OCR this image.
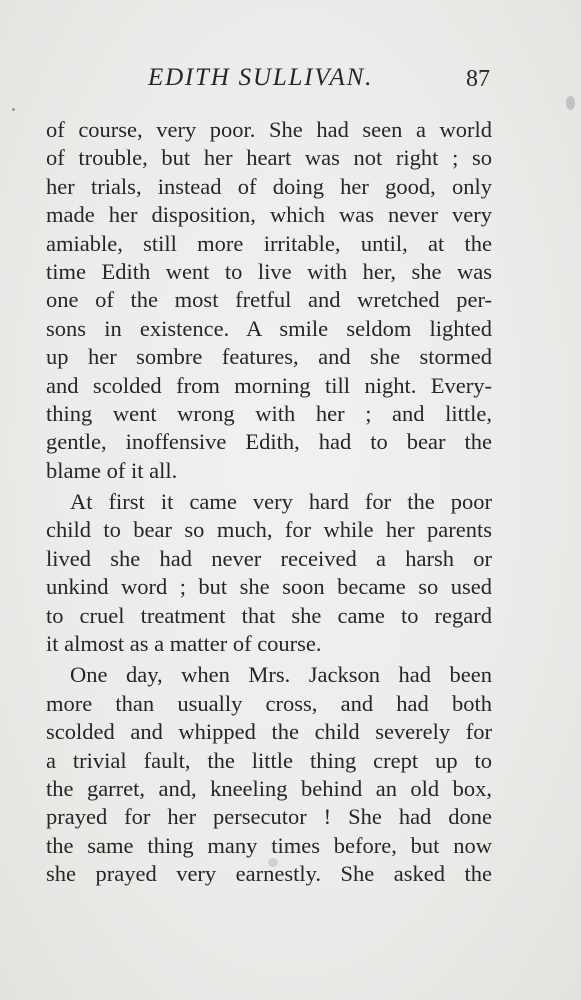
EDITH SULLIVAN.	87

of course, very poor. She had seen a world
of trouble, but her heart was not right ; so
her trials, instead of doing her good, only
made her disposition, which was never very
amiable, still more irritable, until, at the
time Edith went to live with her, she was
one of the most fretful and wretched per-
sons in existence. A smile seldom lighted
up her sombre features, and she stormed
and scolded from morning till night. Every-
thing went wrong with her ; and little,
gentle, inoffensive Edith, had to bear the
blame of it all.

At first it came very hard for the poor
child to bear so much, for while her parents
lived she had never received a harsh or
unkind word ; but she soon became so used
to cruel treatment that she came to regard
it almost as a matter of course.

One day, when Mrs. Jackson had been
more than usually cross, and had both
scolded and whipped the child severely for
a trivial fault, the little thing crept up to
the garret, and, kneeling behind an old box,
prayed for her persecutor ! She had done
the same thing many times before, but now
she prayed very earnestly. She asked the
